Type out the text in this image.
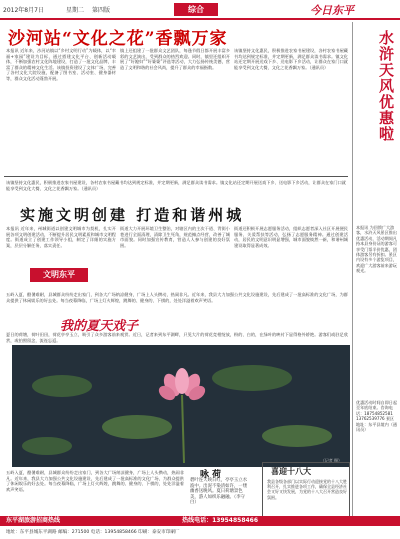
2012年8月7日	星期二 第四版	综合	今日东平
沙河站“文化之花”香飘万家
本报讯 近年来，沙河站镇以“乡村文明行动”为载体，以“幸福+家园”建设为目标，通过搭建文化平台、创新活动载体，不断加强农村文化阵地建设，打造了一批文化品牌，丰富了群众的精神文化生活。该镇投资建设了文体广场，完善了各村文化大院设施，配备了图书室、活动室、健身器材等，群众文化活动蓬勃开展。
镇上还组建了一批群众文艺团队，每逢节假日都开展丰富多彩的文艺演出，受到群众的热烈欢迎。同时，镇里还组织开展了“好媳妇”“好婆婆”评选等活动，大力弘扬传统美德，营造了文明和谐的社会风尚，提升了群众的幸福指数。
该镇坚持文化惠民，积极推进农家书屋建设，各村农家书屋藏书均达到规定标准，并定期更新，满足群众读书需求。镇文化站还定期开展送戏下乡、送电影下乡活动，让群众在家门口就能享受到文化大餐，文化之花香飘万家。（通讯员）	水浒天风优惠啦
本报讯 为回馈广大游客，水浒天风景区推出优惠活动，活动期间凡持本县身份证的游客可享受门票半价优惠，团体游客另有折扣。景区内设有多个游览项目，欢迎广大游客前来游玩观光。
优惠活动时间自即日起至年底结束。咨询电话：18754852581 13762539776 景区地址：东平县境内（通讯员）
该镇坚持文化惠民，积极推进农家书屋建设，各村农家书屋藏书均达到规定标准，并定期更新，满足群众读书需求。镇文化站还定期开展送戏下乡、送电影下乡活动，让群众在家门口就能享受到文化大餐，文化之花香飘万家。（通讯员）
实施文明创建 打造和谐州城
本报讯 近年来，州城街道以创建文明城市为契机，扎实开展各项文明创建活动，不断提升居民文明素质和城市文明程度。街道成立了创建工作领导小组，制定了详细的实施方案，层层分解任务，落实责任。
街道大力开展环境卫生整治，对辖区内的主次干道、背街小巷进行全面清理，清除卫生死角，规范摊点经营，改善了城市面貌。同时加强宣传教育，营造人人参与创建的良好氛围。
街道还积极开展志愿服务活动，组织志愿者深入社区开展便民服务、关爱帮扶等活动，弘扬了志愿服务精神。通过创建活动，居民的文明意识明显增强，城市面貌焕然一新，和谐州城建设取得显著成效。
文明东平
五岭入夏，酷暑难耐，县城群众纷纷走出家门，到各大广场纳凉健身，广场上人头攒动，热闹非凡。近年来，我县大力加强公共文化设施建设，先后建成了一批高标准的文化广场，为群众提供了休闲娱乐的好去处。每当夜幕降临，广场上灯火辉煌，跳舞的、健身的、下棋的，处处洋溢着欢声笑语。
我的夏天戏子
夏日的荷塘，荷叶田田，荷花亭亭玉立，吸引了众多游客前来观赏。近日，记者来到东平湖畔，只见大片的荷花竞相绽放，粉的、白的，在绿叶的映衬下显得格外娇艳。游客们或驻足欣赏，或拍照留念，流连忘返。
（记者 摄）
五岭入夏，酷暑难耐，县城群众纷纷走出家门，到各大广场纳凉健身，广场上人头攒动，热闹非凡。近年来，我县大力加强公共文化设施建设，先后建成了一批高标准的文化广场，为群众提供了休闲娱乐的好去处。每当夜幕降临，广场上灯火辉煌，跳舞的、健身的、下棋的，处处洋溢着欢声笑语。
咏荷
碧叶连天映日红，亭亭玉立水波中。出泥不染清如许，一缕幽香送晚风。夏日荷塘景色美，游人如织乐融融。（李守白）
喜迎十八大
我县各级各部门以实际行动迎接党的十八大胜利召开，扎实推进各项工作，确保全县经济社会又好又快发展，为党的十八大召开营造良好氛围。
东平湖旅游招商热线	热线电话：13954858466
地址：东平县城东平湖路 邮编：271500 电话：13954858466 印刷：泰安市印刷厂
